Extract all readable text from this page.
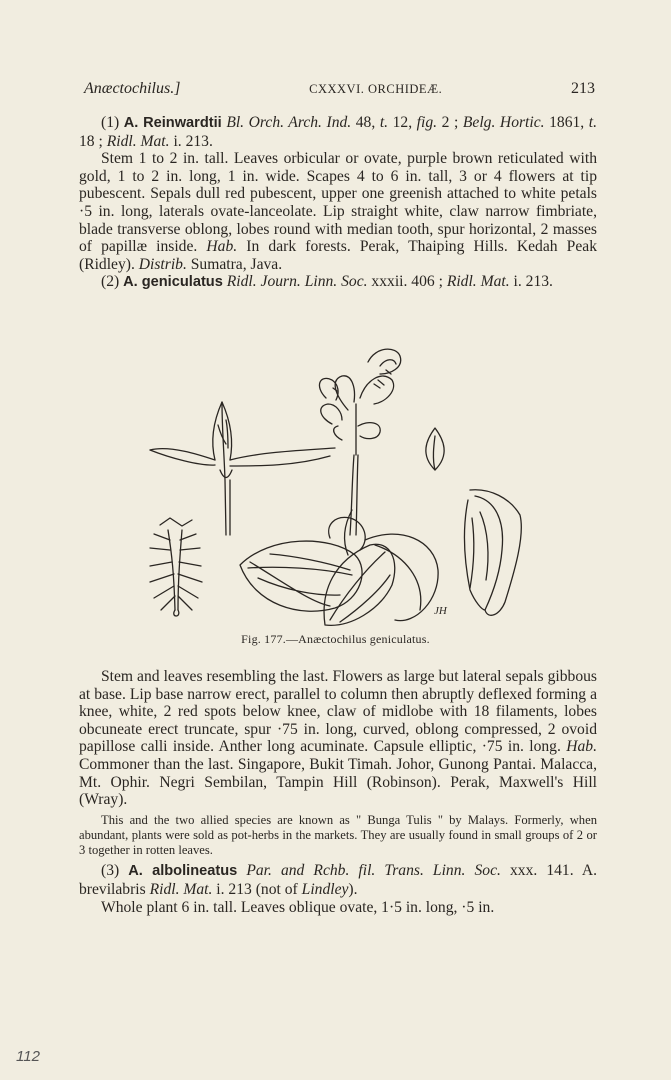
Anæctochilus.]	CXXXVI. ORCHIDEÆ.	213

(1) A. Reinwardtii Bl. Orch. Arch. Ind. 48, t. 12, fig. 2 ; Belg. Hortic. 1861, t. 18 ; Ridl. Mat. i. 213.

Stem 1 to 2 in. tall. Leaves orbicular or ovate, purple brown reticulated with gold, 1 to 2 in. long, 1 in. wide. Scapes 4 to 6 in. tall, 3 or 4 flowers at tip pubescent. Sepals dull red pubescent, upper one greenish attached to white petals ·5 in. long, laterals ovate-lanceolate. Lip straight white, claw narrow fimbriate, blade transverse oblong, lobes round with median tooth, spur horizontal, 2 masses of papillæ inside. Hab. In dark forests. Perak, Thaiping Hills. Kedah Peak (Ridley). Distrib. Sumatra, Java.

(2) A. geniculatus Ridl. Journ. Linn. Soc. xxxii. 406 ; Ridl. Mat. i. 213.

JH
Fig. 177.—Anæctochilus geniculatus.

Stem and leaves resembling the last. Flowers as large but lateral sepals gibbous at base. Lip base narrow erect, parallel to column then abruptly deflexed forming a knee, white, 2 red spots below knee, claw of midlobe with 18 filaments, lobes obcuneate erect truncate, spur ·75 in. long, curved, oblong compressed, 2 ovoid papillose calli inside. Anther long acuminate. Capsule elliptic, ·75 in. long. Hab. Commoner than the last. Singapore, Bukit Timah. Johor, Gunong Pantai. Malacca, Mt. Ophir. Negri Sembilan, Tampin Hill (Robinson). Perak, Maxwell's Hill (Wray).

This and the two allied species are known as " Bunga Tulis " by Malays. Formerly, when abundant, plants were sold as pot-herbs in the markets. They are usually found in small groups of 2 or 3 together in rotten leaves.

(3) A. albolineatus Par. and Rchb. fil. Trans. Linn. Soc. xxx. 141. A. brevilabris Ridl. Mat. i. 213 (not of Lindley).

Whole plant 6 in. tall. Leaves oblique ovate, 1·5 in. long, ·5 in.

112
